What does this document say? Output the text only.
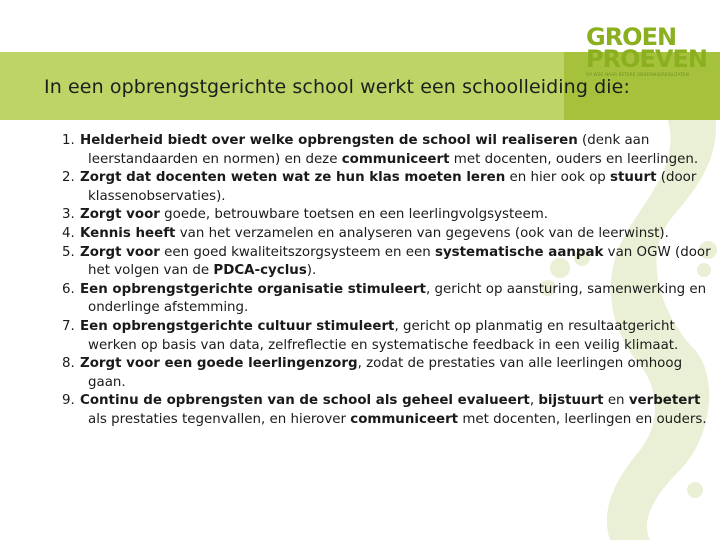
In een opbrengstgerichte school werkt een schoolleiding die:
GROEN
PROEVEN
OP WEG NAAR BETERE ONDERWIJSRESULTATEN
1. Helderheid biedt over welke opbrengsten de school wil realiseren (denk aan leerstandaarden en normen) en deze communiceert met docenten, ouders en leerlingen.
2. Zorgt dat docenten weten wat ze hun klas moeten leren en hier ook op stuurt (door klassenobservaties).
3. Zorgt voor goede, betrouwbare toetsen en een leerlingvolgsysteem.
4. Kennis heeft van het verzamelen en analyseren van gegevens (ook van de leerwinst).
5. Zorgt voor een goed kwaliteitszorgsysteem en een systematische aanpak van OGW (door het volgen van de PDCA-cyclus).
6. Een opbrengstgerichte organisatie stimuleert, gericht op aansturing, samenwerking en onderlinge afstemming.
7. Een opbrengstgerichte cultuur stimuleert, gericht op planmatig en resultaatgericht werken op basis van data, zelfreflectie en systematische feedback in een veilig klimaat.
8. Zorgt voor een goede leerlingenzorg, zodat de prestaties van alle leerlingen omhoog gaan.
9. Continu de opbrengsten van de school als geheel evalueert, bijstuurt en verbetert als prestaties tegenvallen, en hierover communiceert met docenten, leerlingen en ouders.
